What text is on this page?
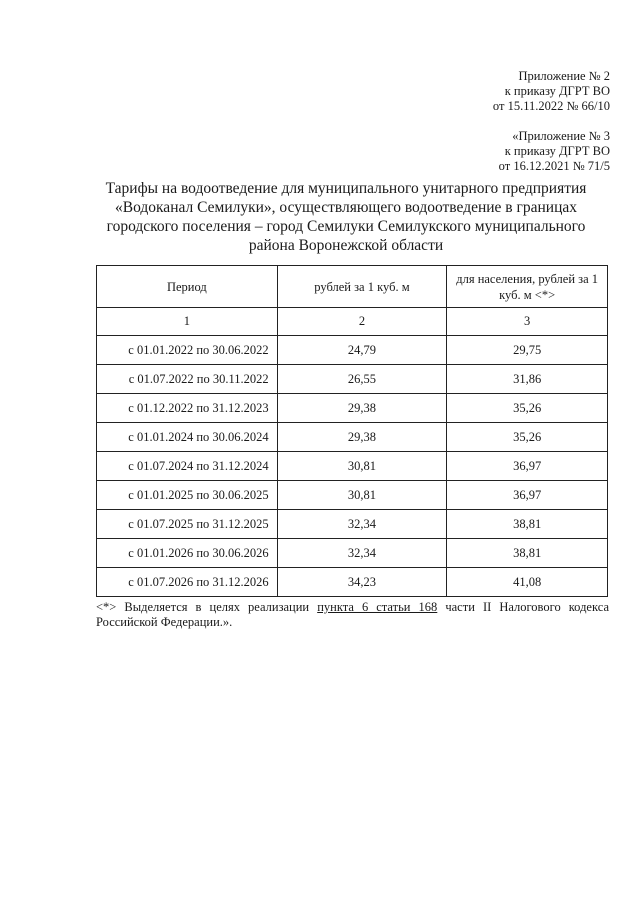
Приложение № 2
к приказу ДГРТ ВО
от 15.11.2022 № 66/10
«Приложение № 3
к приказу ДГРТ ВО
от 16.12.2021 № 71/5
Тарифы на водоотведение для муниципального унитарного предприятия
«Водоканал Семилуки», осуществляющего водоотведение в границах
городского поселения – город Семилуки Семилукского муниципального
района Воронежской области
Период	рублей за 1 куб. м	для населения, рублей за 1 куб. м <*>
1	2	3
с 01.01.2022 по 30.06.2022	24,79	29,75
с 01.07.2022 по 30.11.2022	26,55	31,86
с 01.12.2022 по 31.12.2023	29,38	35,26
с 01.01.2024 по 30.06.2024	29,38	35,26
с 01.07.2024 по 31.12.2024	30,81	36,97
с 01.01.2025 по 30.06.2025	30,81	36,97
с 01.07.2025 по 31.12.2025	32,34	38,81
с 01.01.2026 по 30.06.2026	32,34	38,81
с 01.07.2026 по 31.12.2026	34,23	41,08
<*> Выделяется в целях реализации пункта 6 статьи 168 части II Налогового кодекса Российской Федерации.».
